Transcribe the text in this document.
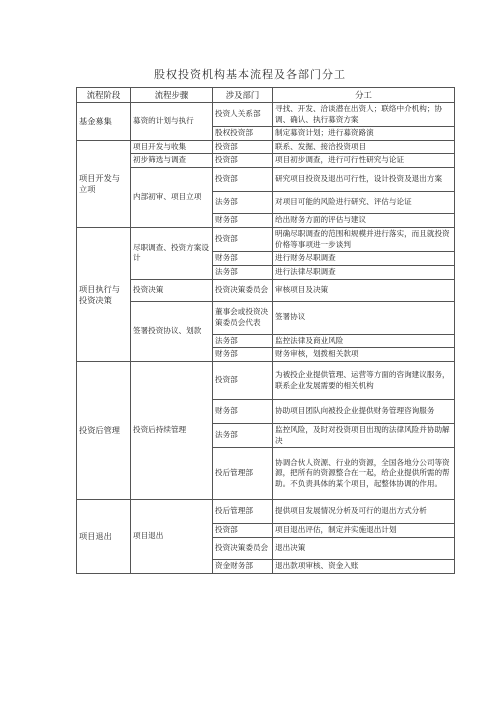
股权投资机构基本流程及各部门分工
流程阶段	流程步骤	涉及部门	分工
基金募集	募资的计划与执行	投资人关系部	寻找、开发、洽谈潜在出资人；联络中介机构；协调、确认、执行募资方案
		股权投资部	制定募资计划；进行募资路演
项目开发与立项	项目开发与收集	投资部	联系、发掘、接洽投资项目
	初步筛选与调查	投资部	项目初步调查，进行可行性研究与论证
	内部初审、项目立项	投资部	研究项目投资及退出可行性，设计投资及退出方案
		法务部	对项目可能的风险进行研究、评估与论证
		财务部	给出财务方面的评估与建议
项目执行与投资决策	尽职调查、投资方案设计	投资部	明确尽职调查的范围和规模并进行落实，而且就投资价格等事项进一步谈判
		财务部	进行财务尽职调查
		法务部	进行法律尽职调查
	投资决策	投资决策委员会	审核项目及决策
	签署投资协议、划款	董事会或投资决策委员会代表	签署协议
		法务部	监控法律及商业风险
		财务部	财务审核，划拨相关款项
投资后管理	投资后持续管理	投资部	为被投企业提供管理、运营等方面的咨询建议服务，联系企业发展需要的相关机构
		财务部	协助项目团队向被投企业提供财务管理咨询服务
		法务部	监控风险，及时对投资项目出现的法律风险并协助解决
		投后管理部	协调合伙人资源、行业的资源，全国各地分公司等资源，把所有的资源整合在一起，给企业提供所需的帮助。不负责具体的某个项目，起整体协调的作用。
项目退出	项目退出	投后管理部	提供项目发展情况分析及可行的退出方式分析
		投资部	项目退出评估，制定并实施退出计划
		投资决策委员会	退出决策
		资金财务部	退出款项审核、资金入账
